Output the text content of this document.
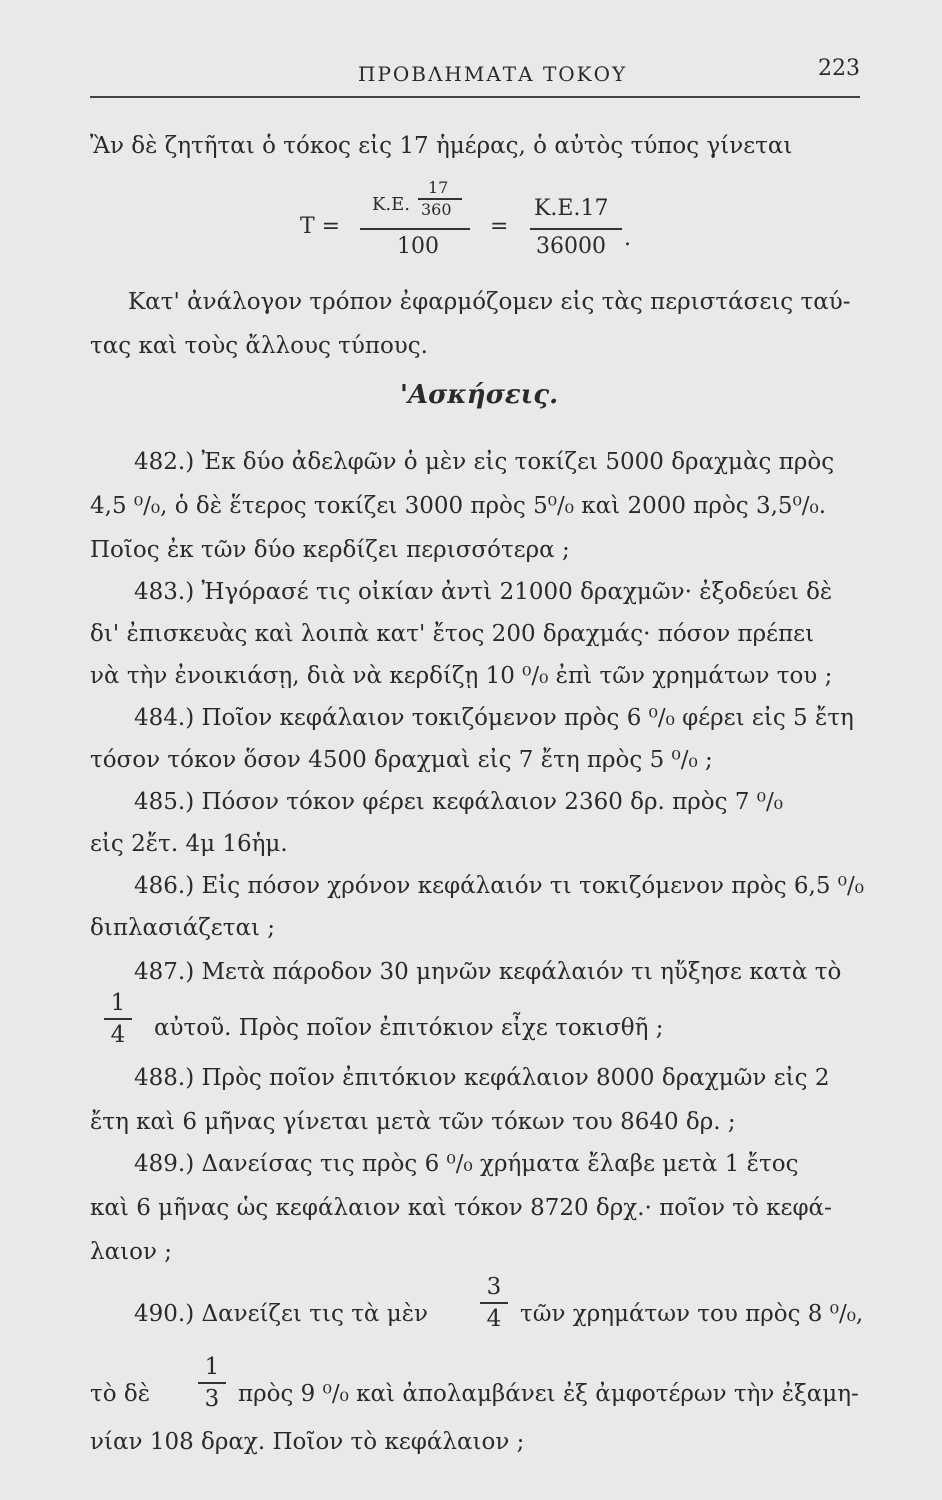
ΠΡΟΒΛΗΜΑΤΑ ΤΟΚΟΥ	223
Ἂν δὲ ζητῆται ὁ τόκος εἰς 17 ἡμέρας, ὁ αὐτὸς τύπος γίνεται
T =
K.E.
17
360
100
=
K.E.17
36000 .
Κατ' ἀνάλογον τρόπον ἐφαρμόζομεν εἰς τὰς περιστάσεις ταύ-
τας καὶ τοὺς ἄλλους τύπους.
'Ασκήσεις.
482.) Ἐκ δύο ἀδελφῶν ὁ μὲν εἰς τοκίζει 5000 δραχμὰς πρὸς
4,5 ⁰/₀, ὁ δὲ ἕτερος τοκίζει 3000 πρὸς 5⁰/₀ καὶ 2000 πρὸς 3,5⁰/₀.
Ποῖος ἐκ τῶν δύο κερδίζει περισσότερα ;
483.) Ἠγόρασέ τις οἰκίαν ἀντὶ 21000 δραχμῶν· ἐξοδεύει δὲ
δι' ἐπισκευὰς καὶ λοιπὰ κατ' ἔτος 200 δραχμάς· πόσον πρέπει
νὰ τὴν ἐνοικιάσῃ, διὰ νὰ κερδίζῃ 10 ⁰/₀ ἐπὶ τῶν χρημάτων του ;
484.) Ποῖον κεφάλαιον τοκιζόμενον πρὸς 6 ⁰/₀ φέρει εἰς 5 ἔτη
τόσον τόκον ὅσον 4500 δραχμαὶ εἰς 7 ἔτη πρὸς 5 ⁰/₀ ;
485.) Πόσον τόκον φέρει κεφάλαιον 2360 δρ. πρὸς 7 ⁰/₀
εἰς 2ἔτ. 4μ 16ἡμ.
486.) Εἰς πόσον χρόνον κεφάλαιόν τι τοκιζόμενον πρὸς 6,5 ⁰/₀
διπλασιάζεται ;
487.) Μετὰ πάροδον 30 μηνῶν κεφάλαιόν τι ηὔξησε κατὰ τὸ
1
4 αὐτοῦ. Πρὸς ποῖον ἐπιτόκιον εἶχε τοκισθῆ ;
488.) Πρὸς ποῖον ἐπιτόκιον κεφάλαιον 8000 δραχμῶν εἰς 2
ἔτη καὶ 6 μῆνας γίνεται μετὰ τῶν τόκων του 8640 δρ. ;
489.) Δανείσας τις πρὸς 6 ⁰/₀ χρήματα ἔλαβε μετὰ 1 ἔτος
καὶ 6 μῆνας ὡς κεφάλαιον καὶ τόκον 8720 δρχ.· ποῖον τὸ κεφά-
λαιον ;
490.) Δανείζει τις τὰ μὲν
3
4 τῶν χρημάτων του πρὸς 8 ⁰/₀,
τὸ δὲ
1
3 πρὸς 9 ⁰/₀ καὶ ἀπολαμβάνει ἐξ ἀμφοτέρων τὴν ἐξαμη-
νίαν 108 δραχ. Ποῖον τὸ κεφάλαιον ;
